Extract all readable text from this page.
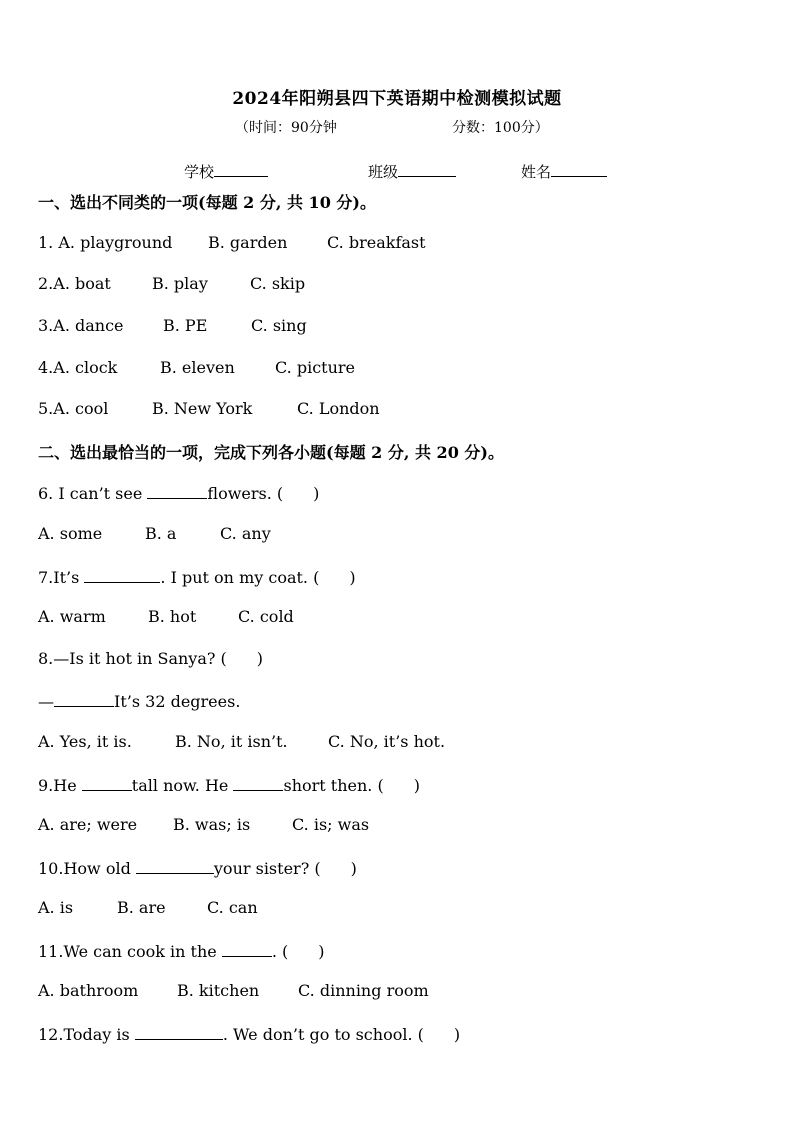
2024年阳朔县四下英语期中检测模拟试题
（时间：90分钟	分数：100分）
学校	班级	姓名
一、选出不同类的一项(每题 2 分, 共 10 分)。
1. A. playground B. garden C. breakfast
2.A. boat	B. play	C. skip
3.A. dance B. PE	C. sing
4.A. clock	B. eleven	C. picture
5.A. cool	B. New York	C. London
二、选出最恰当的一项，完成下列各小题(每题 2 分, 共 20 分)。
6. I can’t see	flowers. ( )
A. some	B. a	C. any
7.It’s	. I put on my coat. ( )
A. warm	B. hot	C. cold
8.—Is it hot in Sanya? ( )
—	It’s 32 degrees.
A. Yes, it is.	B. No, it isn’t.	C. No, it’s hot.
9.He	tall now. He	short then. ( )
A. are; were B. was; is	C. is; was
10.How old	your sister? ( )
A. is	B. are	C. can
11.We can cook in the	. ( )
A. bathroom B. kitchen C. dinning room
12.Today is	. We don’t go to school. ( )
